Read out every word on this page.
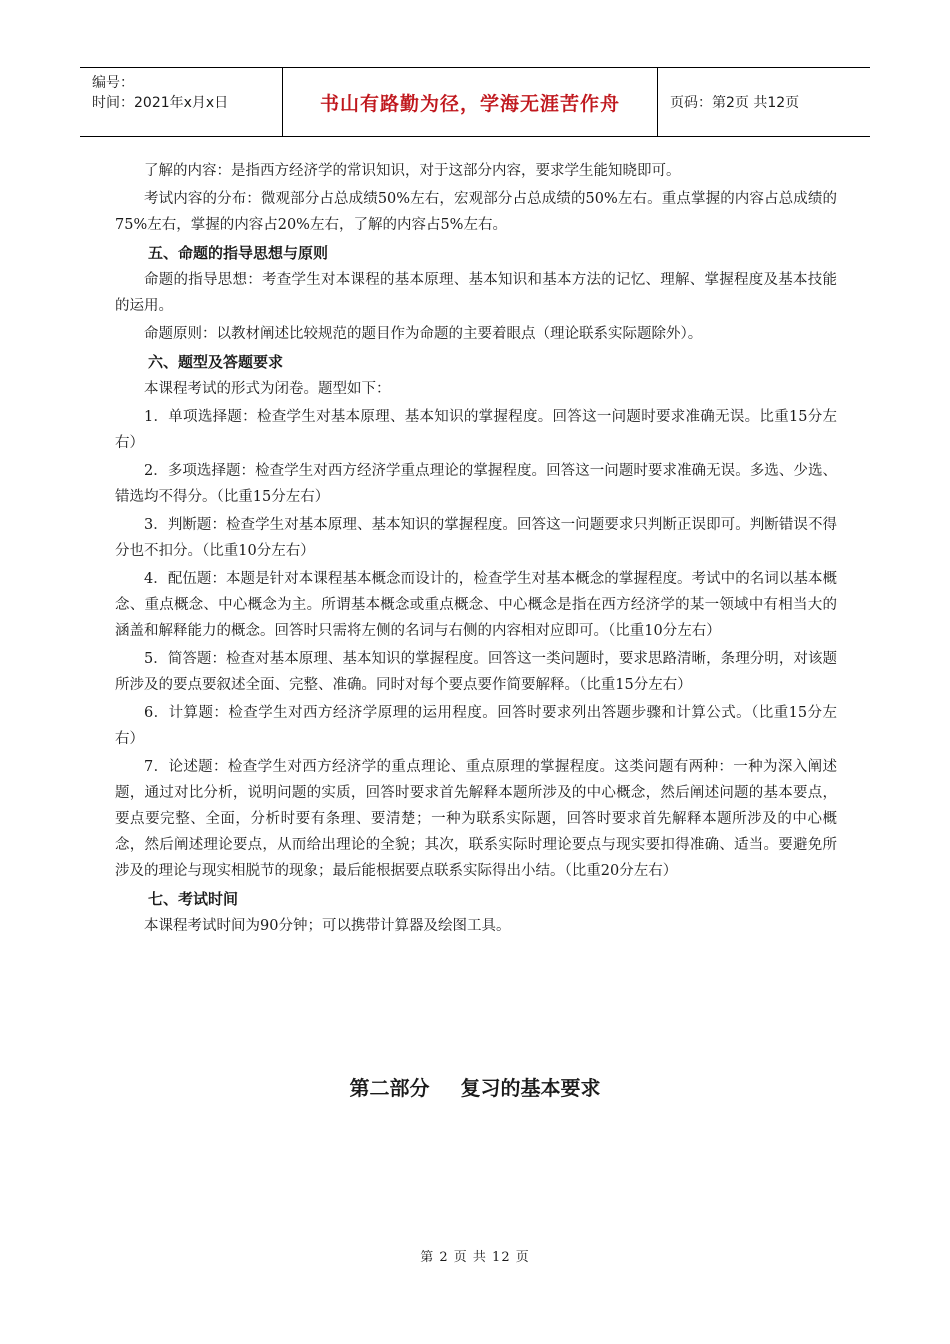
编号：
时间：2021年x月x日	书山有路勤为径，学海无涯苦作舟	页码：第2页 共12页

了解的内容：是指西方经济学的常识知识，对于这部分内容，要求学生能知晓即可。

考试内容的分布：微观部分占总成绩50%左右，宏观部分占总成绩的50%左右。重点掌握的内容占总成绩的75%左右，掌握的内容占20%左右，了解的内容占5%左右。

五、命题的指导思想与原则

命题的指导思想：考查学生对本课程的基本原理、基本知识和基本方法的记忆、理解、掌握程度及基本技能的运用。

命题原则：以教材阐述比较规范的题目作为命题的主要着眼点（理论联系实际题除外）。

六、题型及答题要求

本课程考试的形式为闭卷。题型如下：

1．单项选择题：检查学生对基本原理、基本知识的掌握程度。回答这一问题时要求准确无误。比重15分左右）

2．多项选择题：检查学生对西方经济学重点理论的掌握程度。回答这一问题时要求准确无误。多选、少选、错选均不得分。（比重15分左右）

3．判断题：检查学生对基本原理、基本知识的掌握程度。回答这一问题要求只判断正误即可。判断错误不得分也不扣分。（比重10分左右）

4．配伍题：本题是针对本课程基本概念而设计的，检查学生对基本概念的掌握程度。考试中的名词以基本概念、重点概念、中心概念为主。所谓基本概念或重点概念、中心概念是指在西方经济学的某一领域中有相当大的涵盖和解释能力的概念。回答时只需将左侧的名词与右侧的内容相对应即可。（比重10分左右）

5．简答题：检查对基本原理、基本知识的掌握程度。回答这一类问题时，要求思路清晰，条理分明，对该题所涉及的要点要叙述全面、完整、准确。同时对每个要点要作简要解释。（比重15分左右）

6．计算题：检查学生对西方经济学原理的运用程度。回答时要求列出答题步骤和计算公式。（比重15分左右）

7．论述题：检查学生对西方经济学的重点理论、重点原理的掌握程度。这类问题有两种：一种为深入阐述题，通过对比分析，说明问题的实质，回答时要求首先解释本题所涉及的中心概念，然后阐述问题的基本要点，要点要完整、全面，分析时要有条理、要清楚；一种为联系实际题，回答时要求首先解释本题所涉及的中心概念，然后阐述理论要点，从而给出理论的全貌；其次，联系实际时理论要点与现实要扣得准确、适当。要避免所涉及的理论与现实相脱节的现象；最后能根据要点联系实际得出小结。（比重20分左右）

七、考试时间

本课程考试时间为90分钟；可以携带计算器及绘图工具。

第二部分 复习的基本要求
第 2 页 共 12 页
